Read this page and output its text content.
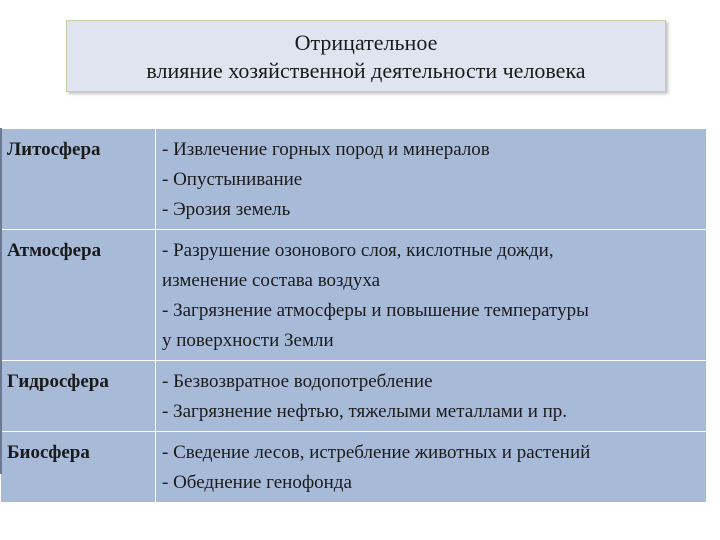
Отрицательное
влияние хозяйственной деятельности человека
Литосфера	- Извлечение горных пород и минералов
- Опустынивание
- Эрозия земель

Атмосфера	- Разрушение озонового слоя, кислотные дожди,
изменение состава воздуха
- Загрязнение атмосферы и повышение температуры
у поверхности Земли

Гидросфера	- Безвозвратное водопотребление
- Загрязнение нефтью, тяжелыми металлами и пр.

Биосфера	- Сведение лесов, истребление животных и растений
- Обеднение генофонда
